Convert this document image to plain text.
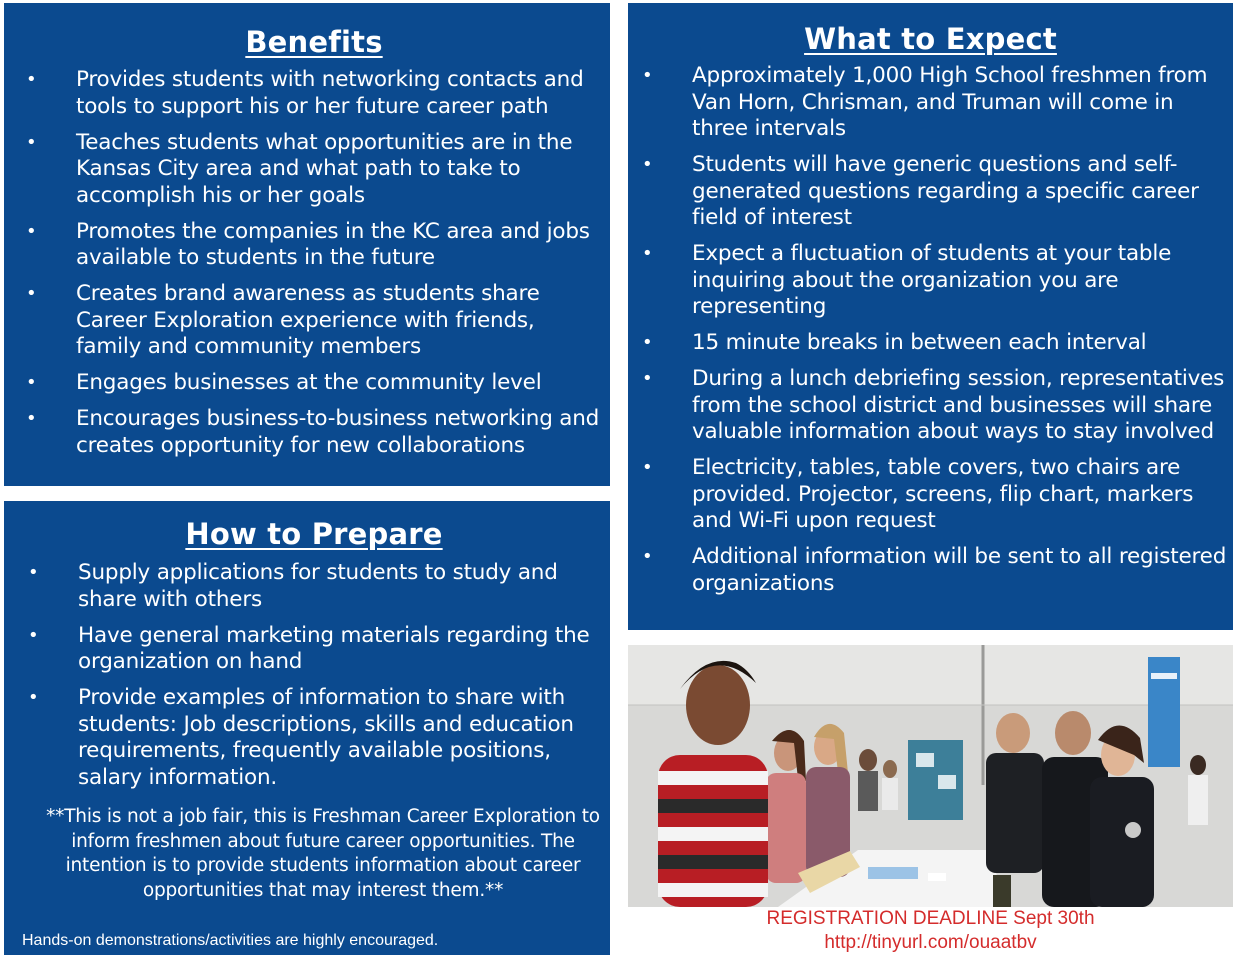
Benefits
• Provides students with networking contacts and tools to support his or her future career path
• Teaches students what opportunities are in the Kansas City area and what path to take to accomplish his or her goals
• Promotes the companies in the KC area and jobs available to students in the future
• Creates brand awareness as students share Career Exploration experience with friends, family and community members
• Engages businesses at the community level
• Encourages business-to-business networking and creates opportunity for new collaborations
How to Prepare
• Supply applications for students to study and share with others
• Have general marketing materials regarding the organization on hand
• Provide examples of information to share with students: Job descriptions, skills and education requirements, frequently available positions, salary information.
**This is not a job fair, this is Freshman Career Exploration to inform freshmen about future career opportunities. The intention is to provide students information about career opportunities that may interest them.**
Hands-on demonstrations/activities are highly encouraged.
What to Expect
• Approximately 1,000 High School freshmen from Van Horn, Chrisman, and Truman will come in three intervals
• Students will have generic questions and self-generated questions regarding a specific career field of interest
• Expect a fluctuation of students at your table inquiring about the organization you are representing
• 15 minute breaks in between each interval
• During a lunch debriefing session, representatives from the school district and businesses will share valuable information about ways to stay involved
• Electricity, tables, table covers, two chairs are provided. Projector, screens, flip chart, markers and Wi-Fi upon request
• Additional information will be sent to all registered organizations
REGISTRATION DEADLINE Sept 30th
http://tinyurl.com/ouaatbv
